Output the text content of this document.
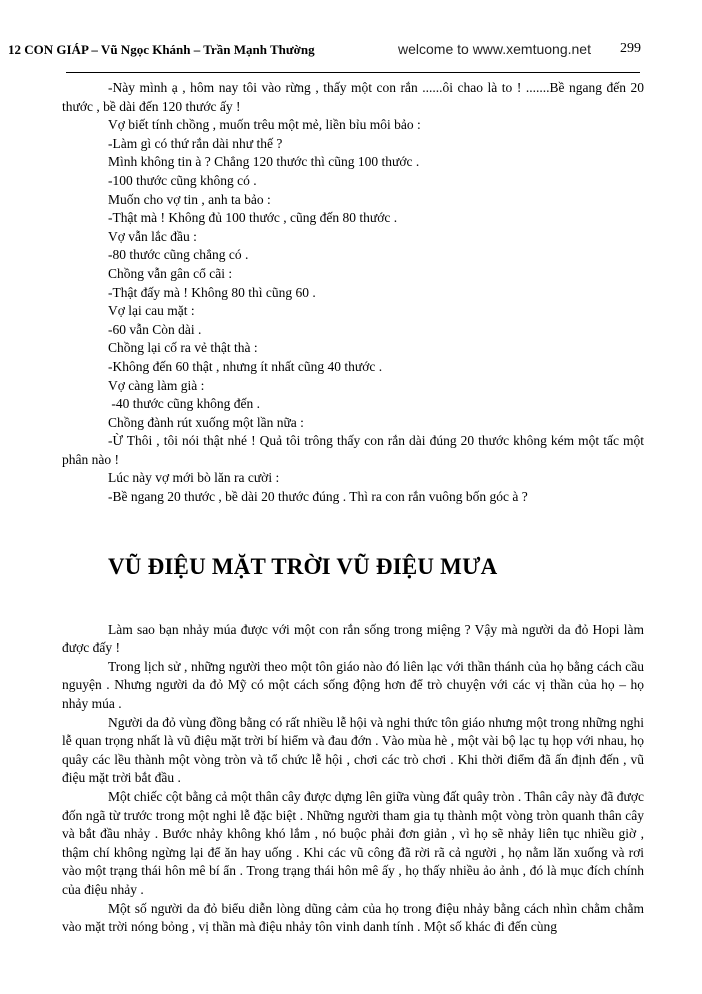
12 CON GIÁP – Vũ Ngọc Khánh – Trần Mạnh Thường	welcome to www.xemtuong.net 299

-Này mình ạ , hôm nay tôi vào rừng , thấy một con rắn ......ôi chao là to ! .......Bề ngang đến 20 thước , bề dài đến 120 thước ấy !

Vợ biết tính chồng , muốn trêu một mẻ, liền bỉu môi bảo :

-Làm gì có thứ rắn dài như thế ?

Mình không tin à ? Chẳng 120 thước thì cũng 100 thước .

-100 thước cũng không có .

Muốn cho vợ tin , anh ta bảo :

-Thật mà ! Không đủ 100 thước , cũng đến 80 thước .

Vợ vẫn lắc đầu :

-80 thước cũng chẳng có .

Chồng vẫn gân cổ cãi :

-Thật đấy mà ! Không 80 thì cũng 60 .

Vợ lại cau mặt :

-60 vẫn Còn dài .

Chồng lại cố ra vẻ thật thà :

-Không đến 60 thật , nhưng ít nhất cũng 40 thước .

Vợ càng làm già :

-40 thước cũng không đến .

Chồng đành rút xuống một lần nữa :

-Ừ Thôi , tôi nói thật nhé ! Quả tôi trông thấy con rắn dài đúng 20 thước không kém một tấc một phân nào !

Lúc này vợ mới bò lăn ra cười :

-Bề ngang 20 thước , bề dài 20 thước đúng . Thì ra con rắn vuông bốn góc à ?

VŨ ĐIỆU MẶT TRỜI VŨ ĐIỆU MƯA

Làm sao bạn nhảy múa được với một con rắn sống trong miệng ? Vậy mà người da đỏ Hopi làm được đấy !

Trong lịch sử , những người theo một tôn giáo nào đó liên lạc với thần thánh của họ bằng cách cầu nguyện . Nhưng người da đỏ Mỹ có một cách sống động hơn để trò chuyện với các vị thần của họ – họ nhảy múa .

Người da đỏ vùng đồng bằng có rất nhiều lễ hội và nghi thức tôn giáo nhưng một trong những nghi lễ quan trọng nhất là vũ điệu mặt trời bí hiểm và đau đớn . Vào mùa hè , một vài bộ lạc tụ họp với nhau, họ quây các lều thành một vòng tròn và tổ chức lễ hội , chơi các trò chơi . Khi thời điểm đã ấn định đến , vũ điệu mặt trời bắt đầu .

Một chiếc cột bằng cả một thân cây được dựng lên giữa vùng đất quây tròn . Thân cây này đã được đốn ngã từ trước trong một nghi lễ đặc biệt . Những người tham gia tụ thành một vòng tròn quanh thân cây và bắt đầu nhảy . Bước nhảy không khó lắm , nó buộc phải đơn giản , vì họ sẽ nhảy liên tục nhiều giờ , thậm chí không ngừng lại để ăn hay uống . Khi các vũ công đã rời rã cả người , họ nằm lăn xuống và rơi vào một trạng thái hôn mê bí ẩn . Trong trạng thái hôn mê ấy , họ thấy nhiều ảo ảnh , đó là mục đích chính của điệu nhảy .

Một số người da đỏ biểu diễn lòng dũng cảm của họ trong điệu nhảy bằng cách nhìn chằm chằm vào mặt trời nóng bỏng , vị thần mà điệu nhảy tôn vinh danh tính . Một số khác đi đến cùng
